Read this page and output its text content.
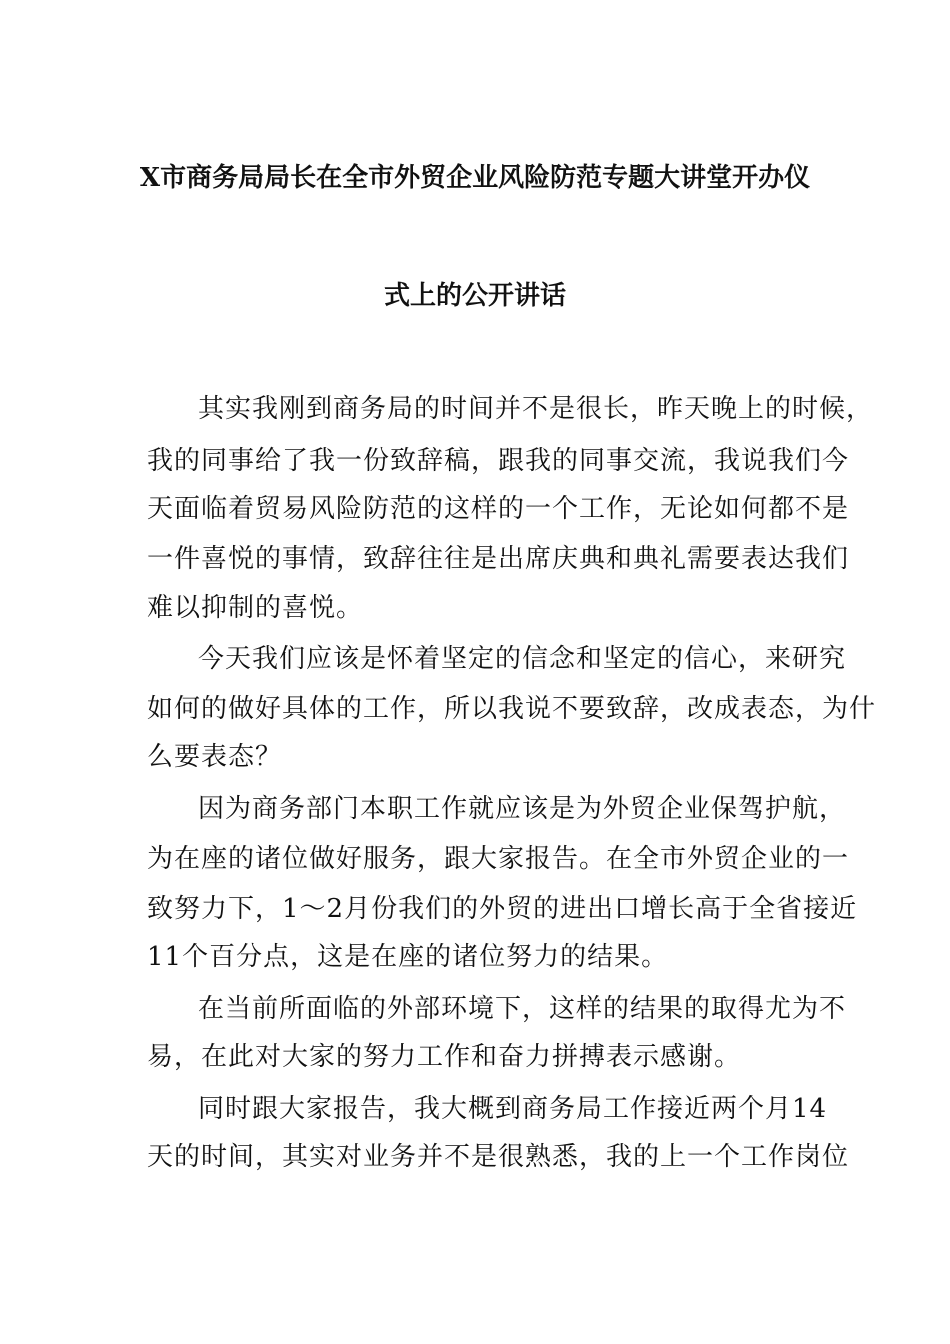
X市商务局局长在全市外贸企业风险防范专题大讲堂开办仪
式上的公开讲话
其实我刚到商务局的时间并不是很长，昨天晚上的时候，
我的同事给了我一份致辞稿，跟我的同事交流，我说我们今
天面临着贸易风险防范的这样的一个工作，无论如何都不是
一件喜悦的事情，致辞往往是出席庆典和典礼需要表达我们
难以抑制的喜悦。
今天我们应该是怀着坚定的信念和坚定的信心，来研究
如何的做好具体的工作，所以我说不要致辞，改成表态，为什
么要表态？
因为商务部门本职工作就应该是为外贸企业保驾护航，
为在座的诸位做好服务，跟大家报告。在全市外贸企业的一
致努力下，1～2月份我们的外贸的进出口增长高于全省接近
11个百分点，这是在座的诸位努力的结果。
在当前所面临的外部环境下，这样的结果的取得尤为不
易，在此对大家的努力工作和奋力拼搏表示感谢。
同时跟大家报告，我大概到商务局工作接近两个月14
天的时间，其实对业务并不是很熟悉，我的上一个工作岗位
